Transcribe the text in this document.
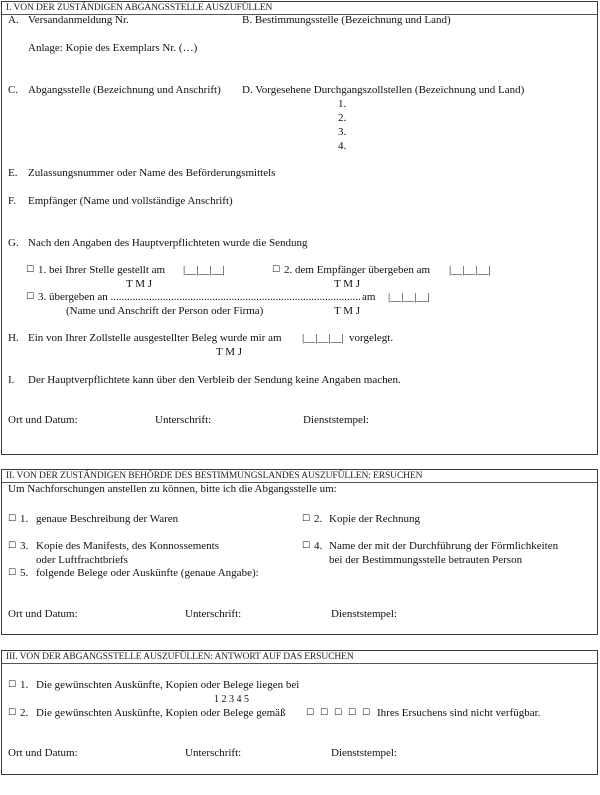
I. VON DER ZUSTÄNDIGEN ABGANGSSTELLE AUSZUFÜLLEN
A. Versandanmeldung Nr.	B. Bestimmungsstelle (Bezeichnung und Land)
Anlage: Kopie des Exemplars Nr. (…)
C. Abgangsstelle (Bezeichnung und Anschrift) D. Vorgesehene Durchgangszollstellen (Bezeichnung und Land)
1.
2.
3.
4.
E. Zulassungsnummer oder Name des Beförderungsmittels
F. Empfänger (Name und vollständige Anschrift)
G. Nach den Angaben des Hauptverpflichteten wurde die Sendung
☐ 1. bei Ihrer Stelle gestellt am |__|__|__|
T M J
☐ 2. dem Empfänger übergeben am |__|__|__|
T M J
☐ 3. übergeben an ........................................................................................... am |__|__|__|
(Name und Anschrift der Person oder Firma)	T M J
H. Ein von Ihrer Zollstelle ausgestellter Beleg wurde mir am |__|__|__| vorgelegt.
T M J
I. Der Hauptverpflichtete kann über den Verbleib der Sendung keine Angaben machen.
Ort und Datum:	Unterschrift:	Dienststempel:
II. VON DER ZUSTÄNDIGEN BEHÖRDE DES BESTIMMUNGSLANDES AUSZUFÜLLEN: ERSUCHEN
Um Nachforschungen anstellen zu können, bitte ich die Abgangsstelle um:
☐ 1. genaue Beschreibung der Waren	☐ 2. Kopie der Rechnung
☐ 3. Kopie des Manifests, des Konnossements
oder Luftfrachtbriefs
☐ 4. Name der mit der Durchführung der Förmlichkeiten
bei der Bestimmungsstelle betrauten Person
☐ 5. folgende Belege oder Auskünfte (genaue Angabe):
Ort und Datum:	Unterschrift:	Dienststempel:
III. VON DER ABGANGSSTELLE AUSZUFÜLLEN: ANTWORT AUF DAS ERSUCHEN
☐ 1. Die gewünschten Auskünfte, Kopien oder Belege liegen bei
1 2 3 4 5
☐ 2. Die gewünschten Auskünfte, Kopien oder Belege gemäß ☐ ☐ ☐ ☐ ☐ Ihres Ersuchens sind nicht verfügbar.
Ort und Datum:	Unterschrift:	Dienststempel:
